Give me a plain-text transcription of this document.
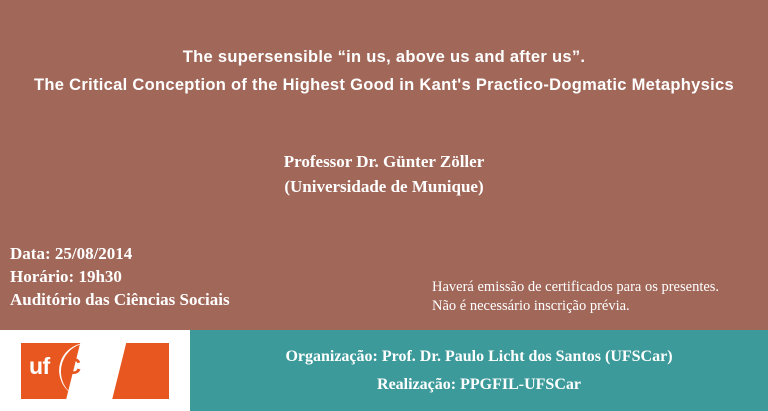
The supersensible “in us, above us and after us”.
The Critical Conception of the Highest Good in Kant's Practico-Dogmatic Metaphysics
Professor Dr. Günter Zöller
(Universidade de Munique)
Data: 25/08/2014
Horário: 19h30
Auditório das Ciências Sociais
Haverá emissão de certificados para os presentes.
Não é necessário inscrição prévia.
ufSCAr	Organização: Prof. Dr. Paulo Licht dos Santos (UFSCar)
Realização: PPGFIL-UFSCar
